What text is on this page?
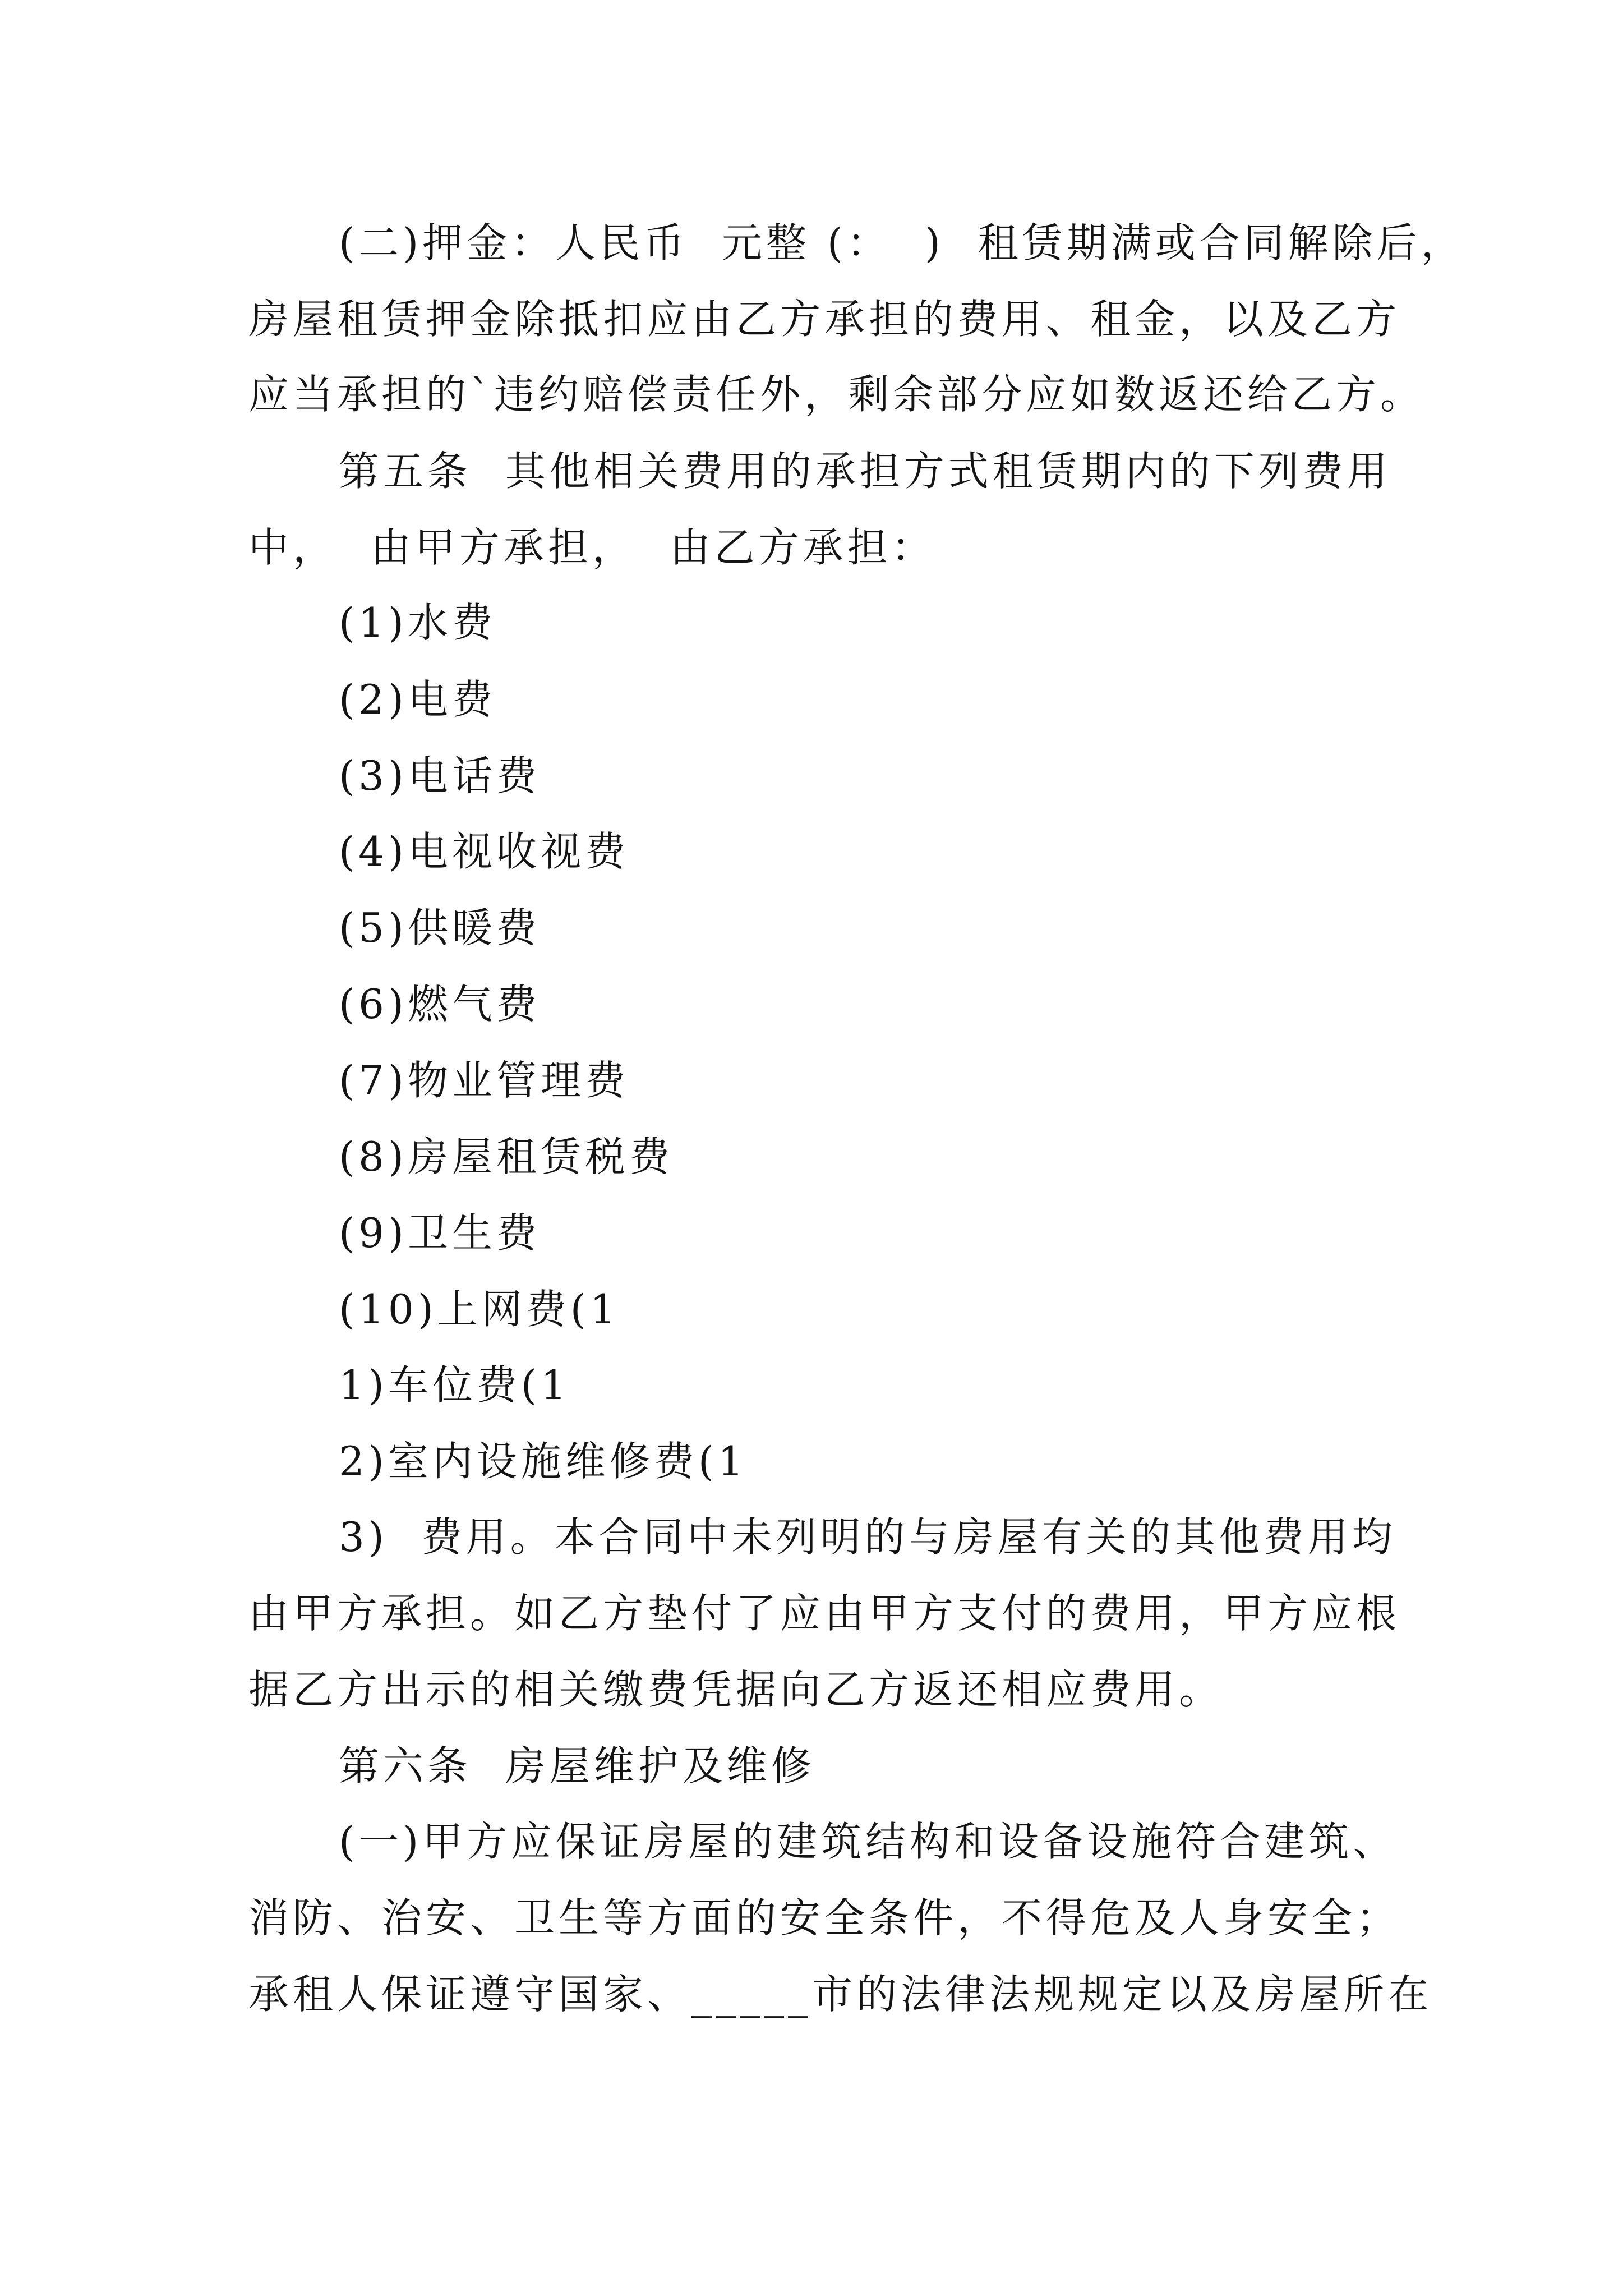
(二)押金：人民币  元整 (：  )  租赁期满或合同解除后，
房屋租赁押金除抵扣应由乙方承担的费用、租金，以及乙方
应当承担的`违约赔偿责任外，剩余部分应如数返还给乙方。
第五条  其他相关费用的承担方式租赁期内的下列费用
中，  由甲方承担，  由乙方承担：
(1)水费
(2)电费
(3)电话费
(4)电视收视费
(5)供暖费
(6)燃气费
(7)物业管理费
(8)房屋租赁税费
(9)卫生费
(10)上网费(1
1)车位费(1
2)室内设施维修费(1
3)  费用。本合同中未列明的与房屋有关的其他费用均
由甲方承担。如乙方垫付了应由甲方支付的费用，甲方应根
据乙方出示的相关缴费凭据向乙方返还相应费用。
第六条  房屋维护及维修
(一)甲方应保证房屋的建筑结构和设备设施符合建筑、
消防、治安、卫生等方面的安全条件，不得危及人身安全；
承租人保证遵守国家、_____市的法律法规规定以及房屋所在
